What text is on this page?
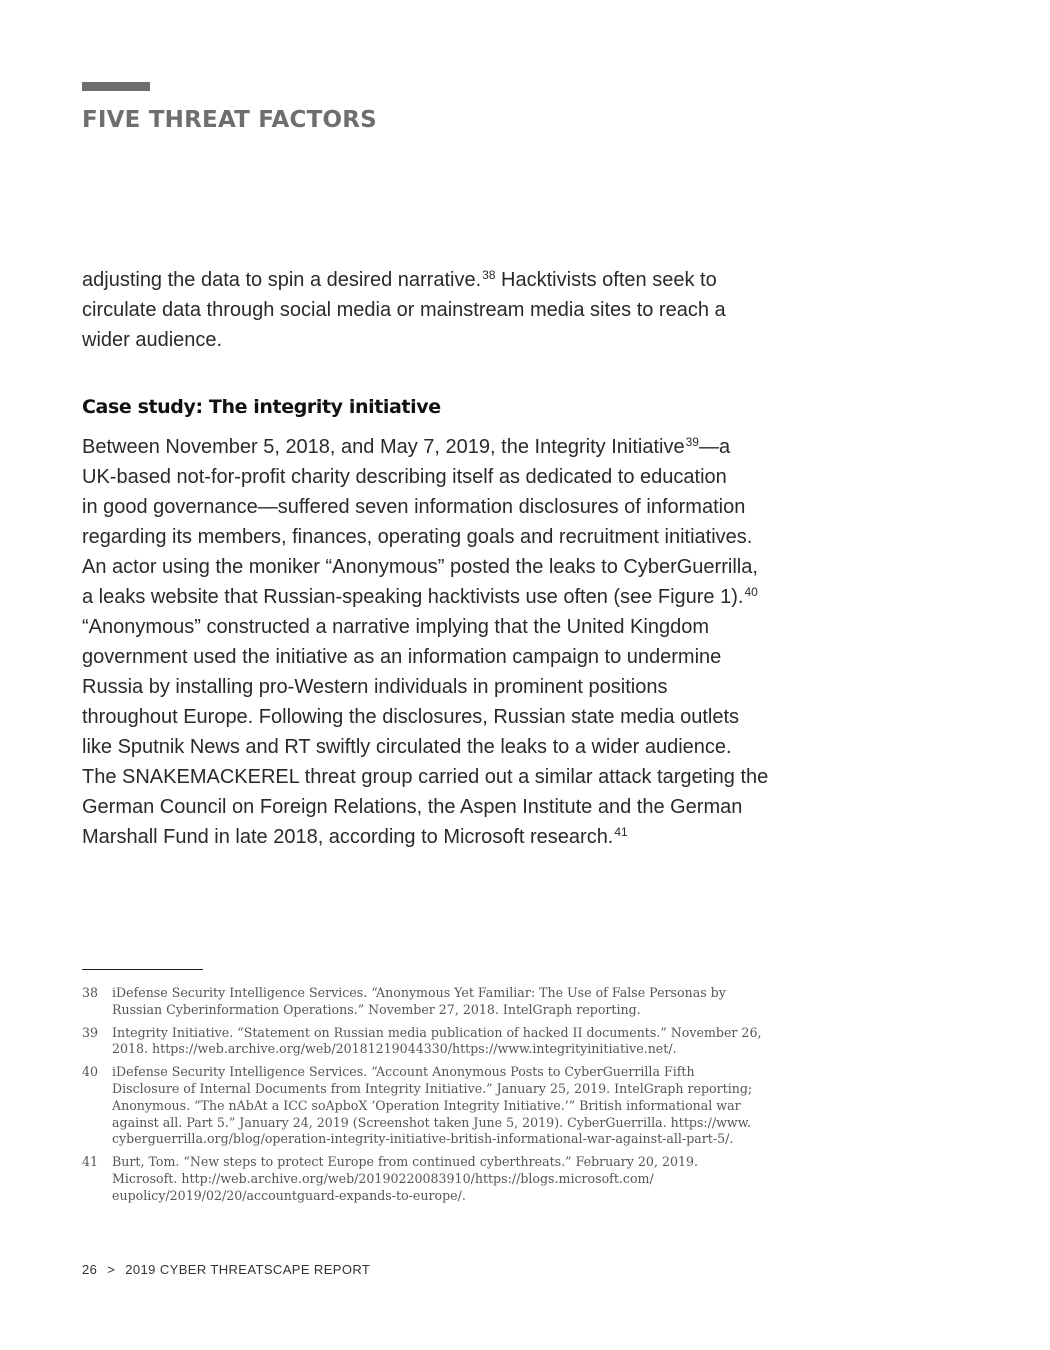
FIVE THREAT FACTORS

adjusting the data to spin a desired narrative.$^{38}$ Hacktivists often seek to
circulate data through social media or mainstream media sites to reach a
wider audience.

Case study: The integrity initiative

Between November 5, 2018, and May 7, 2019, the Integrity Initiative$^{39}$—a
UK-based not-for-profit charity describing itself as dedicated to education
in good governance—suffered seven information disclosures of information
regarding its members, finances, operating goals and recruitment initiatives.
An actor using the moniker “Anonymous” posted the leaks to CyberGuerrilla,
a leaks website that Russian-speaking hacktivists use often (see Figure 1).$^{40}$
“Anonymous” constructed a narrative implying that the United Kingdom
government used the initiative as an information campaign to undermine
Russia by installing pro-Western individuals in prominent positions
throughout Europe. Following the disclosures, Russian state media outlets
like Sputnik News and RT swiftly circulated the leaks to a wider audience.
The SNAKEMACKEREL threat group carried out a similar attack targeting the
German Council on Foreign Relations, the Aspen Institute and the German
Marshall Fund in late 2018, according to Microsoft research.$^{41}$

38	iDefense Security Intelligence Services. “Anonymous Yet Familiar: The Use of False Personas by
Russian Cyberinformation Operations.” November 27, 2018. IntelGraph reporting.
39	Integrity Initiative. “Statement on Russian media publication of hacked II documents.” November 26,
2018. https://web.archive.org/web/20181219044330/https://www.integrityinitiative.net/.
40	iDefense Security Intelligence Services. “Account Anonymous Posts to CyberGuerrilla Fifth
Disclosure of Internal Documents from Integrity Initiative.” January 25, 2019. IntelGraph reporting;
Anonymous. “The nAbAt a ICC soApboX ‘Operation Integrity Initiative.’” British informational war
against all. Part 5.” January 24, 2019 (Screenshot taken June 5, 2019). CyberGuerrilla. https://www.
cyberguerrilla.org/blog/operation-integrity-initiative-british-informational-war-against-all-part-5/.
41	Burt, Tom. “New steps to protect Europe from continued cyberthreats.” February 20, 2019.
Microsoft. http://web.archive.org/web/20190220083910/https://blogs.microsoft.com/
eupolicy/2019/02/20/accountguard-expands-to-europe/.
26 > 2019 CYBER THREATSCAPE REPORT
